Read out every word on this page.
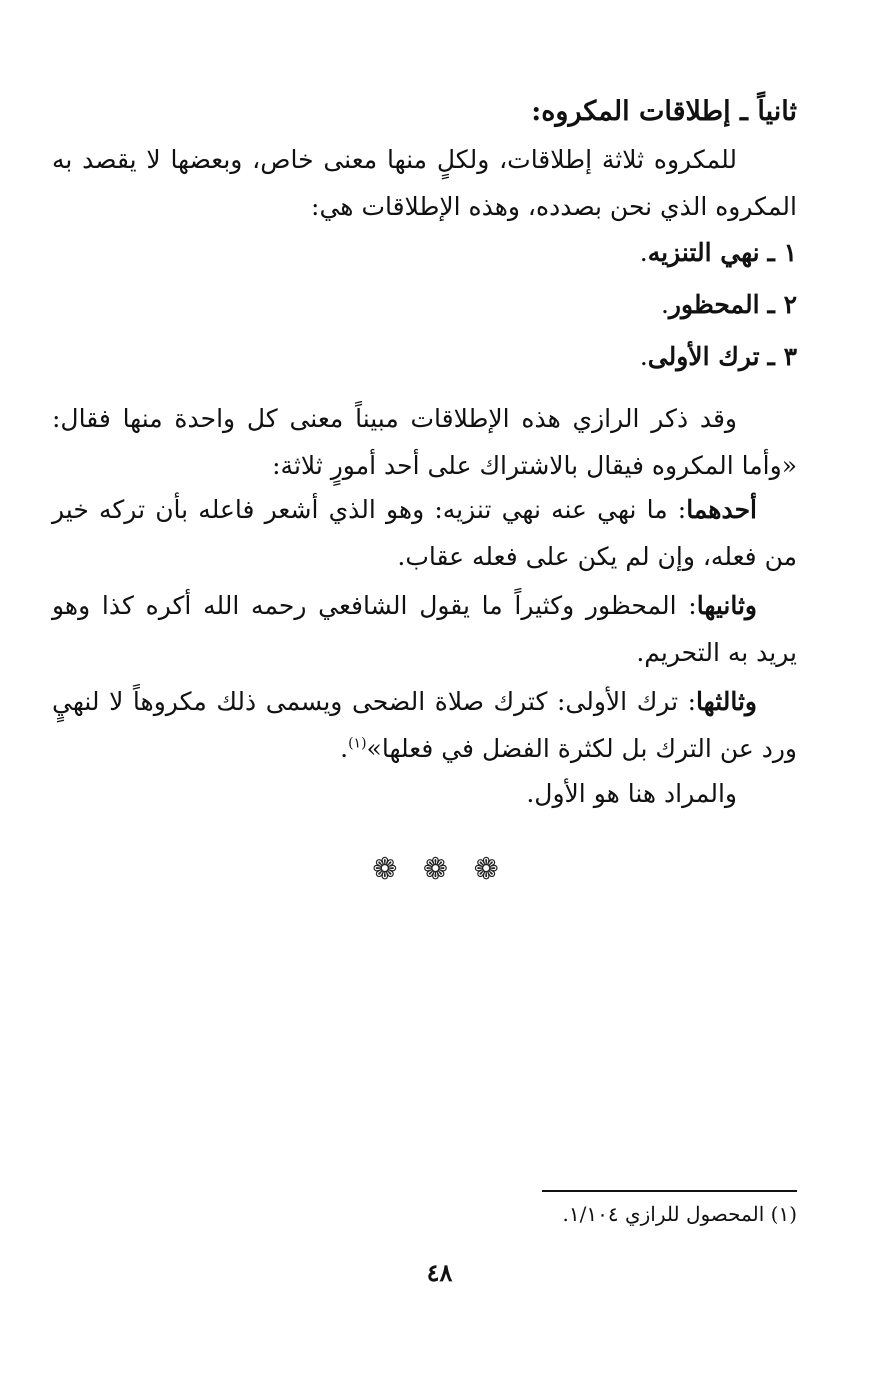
ثانياً ـ إطلاقات المكروه:
للمكروه ثلاثة إطلاقات، ولكلٍ منها معنى خاص، وبعضها لا يقصد به المكروه الذي نحن بصدده، وهذه الإطلاقات هي:
١ ـ نهي التنزيه.
٢ ـ المحظور.
٣ ـ ترك الأولى.
وقد ذكر الرازي هذه الإطلاقات مبيناً معنى كل واحدة منها فقال: «وأما المكروه فيقال بالاشتراك على أحد أمورٍ ثلاثة:
أحدهما: ما نهي عنه نهي تنزيه: وهو الذي أشعر فاعله بأن تركه خير من فعله، وإن لم يكن على فعله عقاب.
وثانيها: المحظور وكثيراً ما يقول الشافعي رحمه الله أكره كذا وهو يريد به التحريم.
وثالثها: ترك الأولى: كترك صلاة الضحى ويسمى ذلك مكروهاً لا لنهيٍ ورد عن الترك بل لكثرة الفضل في فعلها»$^{(١)}$.
والمراد هنا هو الأول.
❁ ❁ ❁
(١) المحصول للرازي ١/١٠٤.
٤٨
